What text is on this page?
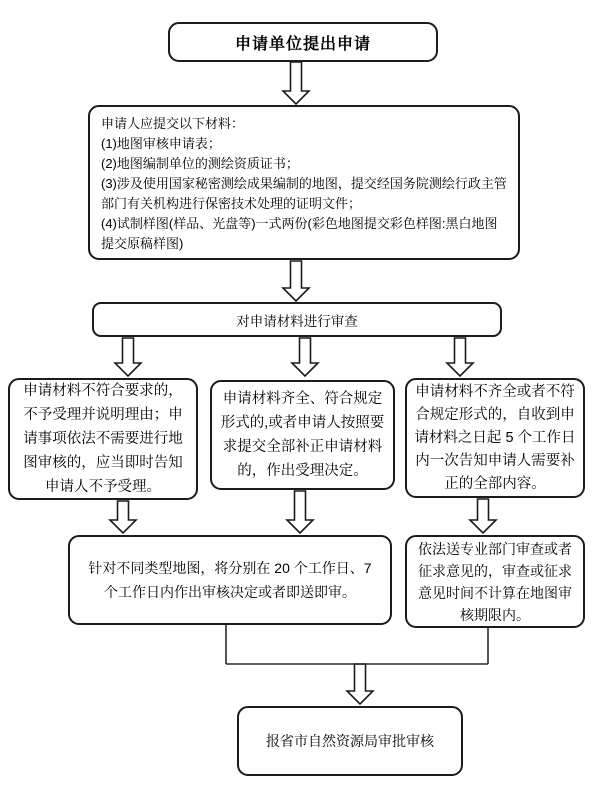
申请单位提出申请
申请人应提交以下材料：
(1)地图审核申请表；
(2)地图编制单位的测绘资质证书；
(3)涉及使用国家秘密测绘成果编制的地图，提交经国务院测绘行政主管部门有关机构进行保密技术处理的证明文件；
(4)试制样图(样品、光盘等)一式两份(彩色地图提交彩色样图:黑白地图提交原稿样图)
对申请材料进行审查
申请材料不符合要求的，不予受理并说明理由；申请事项依法不需要进行地图审核的，应当即时告知申请人不予受理。
申请材料齐全、符合规定形式的,或者申请人按照要求提交全部补正申请材料的，作出受理决定。
申请材料不齐全或者不符合规定形式的，自收到申请材料之日起 5 个工作日内一次告知申请人需要补正的全部内容。
针对不同类型地图，将分别在 20 个工作日、7 个工作日内作出审核决定或者即送即审。
依法送专业部门审查或者征求意见的，审查或征求意见时间不计算在地图审核期限内。
报省市自然资源局审批审核
